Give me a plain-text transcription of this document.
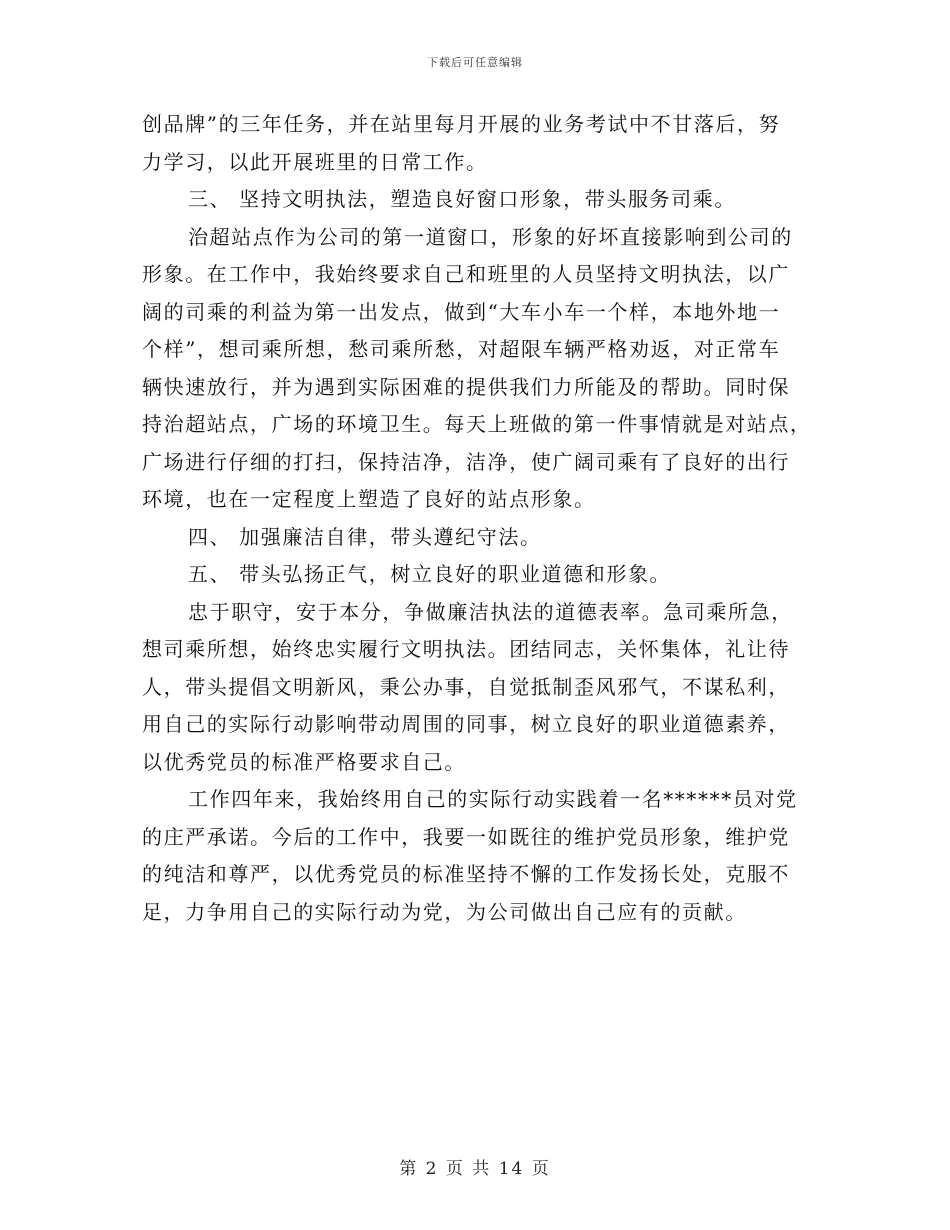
下载后可任意编辑
创品牌”的三年任务，并在站里每月开展的业务考试中不甘落后，努
力学习，以此开展班里的日常工作。
三、 坚持文明执法，塑造良好窗口形象，带头服务司乘。
治超站点作为公司的第一道窗口，形象的好坏直接影响到公司的
形象。在工作中，我始终要求自己和班里的人员坚持文明执法，以广
阔的司乘的利益为第一出发点，做到“大车小车一个样，本地外地一
个样”，想司乘所想，愁司乘所愁，对超限车辆严格劝返，对正常车
辆快速放行，并为遇到实际困难的提供我们力所能及的帮助。同时保
持治超站点，广场的环境卫生。每天上班做的第一件事情就是对站点，
广场进行仔细的打扫，保持洁净，洁净，使广阔司乘有了良好的出行
环境，也在一定程度上塑造了良好的站点形象。
四、 加强廉洁自律，带头遵纪守法。
五、 带头弘扬正气，树立良好的职业道德和形象。
忠于职守，安于本分，争做廉洁执法的道德表率。急司乘所急，
想司乘所想，始终忠实履行文明执法。团结同志，关怀集体，礼让待
人，带头提倡文明新风，秉公办事，自觉抵制歪风邪气，不谋私利，
用自己的实际行动影响带动周围的同事，树立良好的职业道德素养，
以优秀党员的标准严格要求自己。
工作四年来，我始终用自己的实际行动实践着一名******员对党
的庄严承诺。今后的工作中，我要一如既往的维护党员形象，维护党
的纯洁和尊严，以优秀党员的标准坚持不懈的工作发扬长处，克服不
足，力争用自己的实际行动为党，为公司做出自己应有的贡献。
第 2 页 共 14 页
